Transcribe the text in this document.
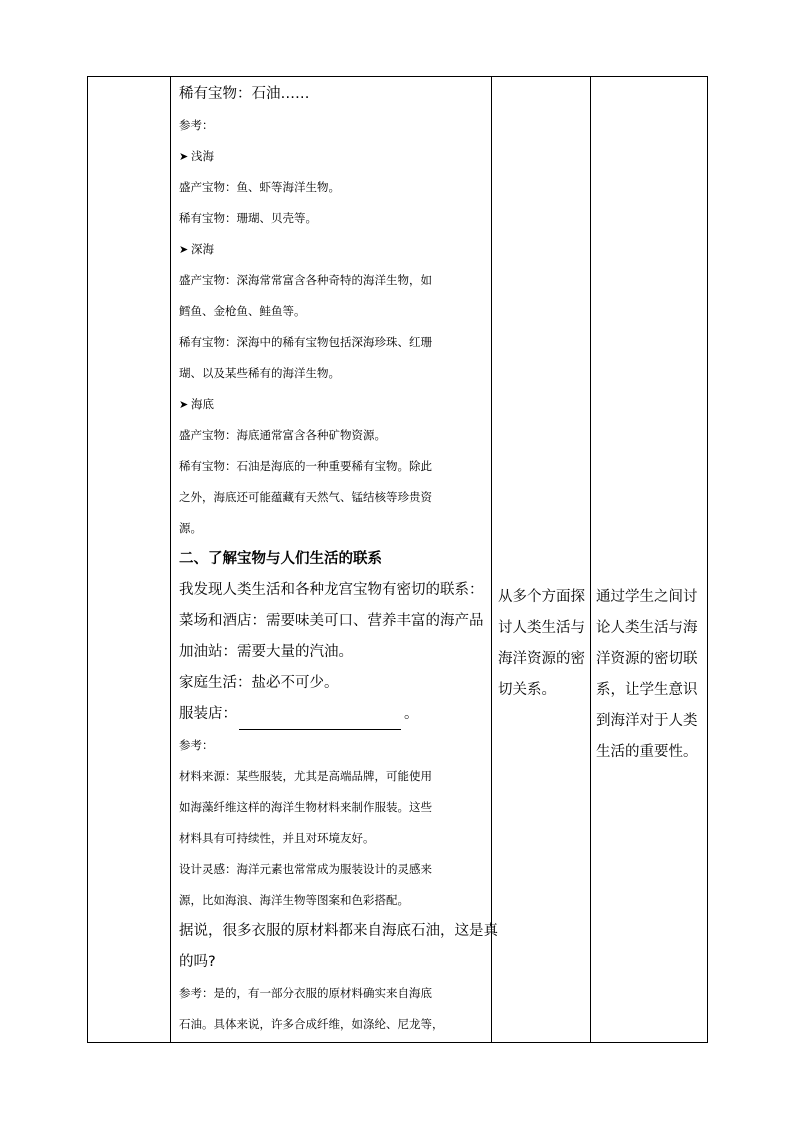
稀有宝物：石油……
参考：
➤ 浅海
盛产宝物：鱼、虾等海洋生物。
稀有宝物：珊瑚、贝壳等。
➤ 深海
盛产宝物：深海常常富含各种奇特的海洋生物，如
鳕鱼、金枪鱼、鲑鱼等。
稀有宝物：深海中的稀有宝物包括深海珍珠、红珊
瑚、以及某些稀有的海洋生物。
➤ 海底
盛产宝物：海底通常富含各种矿物资源。
稀有宝物：石油是海底的一种重要稀有宝物。除此
之外，海底还可能蕴藏有天然气、锰结核等珍贵资
源。
二、了解宝物与人们生活的联系
我发现人类生活和各种龙宫宝物有密切的联系：
菜场和酒店：需要味美可口、营养丰富的海产品
加油站：需要大量的汽油。
家庭生活：盐必不可少。
服装店：	。
参考：
材料来源：某些服装，尤其是高端品牌，可能使用
如海藻纤维这样的海洋生物材料来制作服装。这些
材料具有可持续性，并且对环境友好。
设计灵感：海洋元素也常常成为服装设计的灵感来
源，比如海浪、海洋生物等图案和色彩搭配。
据说，很多衣服的原材料都来自海底石油，这是真
的吗?
参考：是的，有一部分衣服的原材料确实来自海底
石油。具体来说，许多合成纤维，如涤纶、尼龙等，
从多个方面探
讨人类生活与
海洋资源的密
切关系。
通过学生之间讨
论人类生活与海
洋资源的密切联
系，让学生意识
到海洋对于人类
生活的重要性。
